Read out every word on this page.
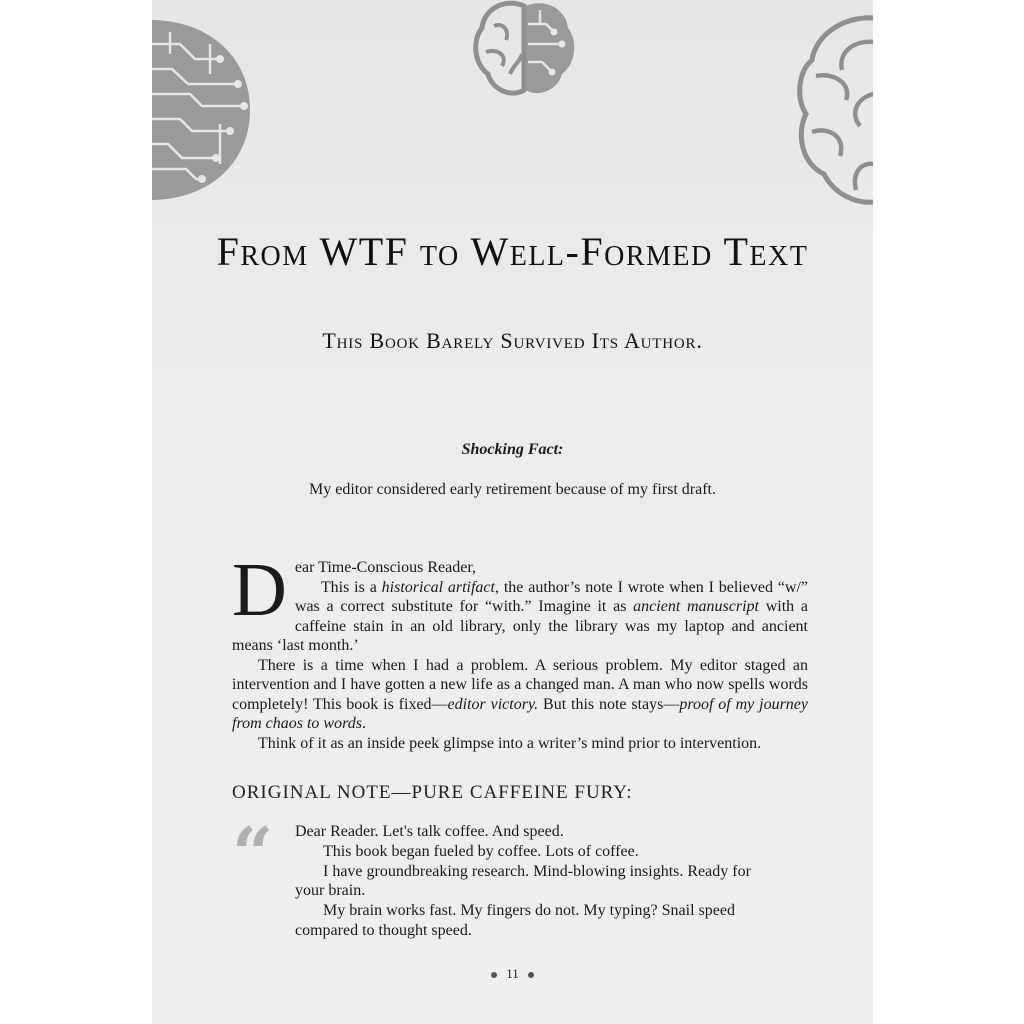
From WTF to Well-Formed Text
This Book Barely Survived Its Author.
Shocking Fact:
My editor considered early retirement because of my first draft.
D ear Time-Conscious Reader,

This is a historical artifact, the author’s note I wrote when I believed “w/” was a correct substitute for “with.” Imagine it as ancient manuscript with a caffeine stain in an old library, only the library was my laptop and ancient means ‘last month.’

There is a time when I had a problem. A serious problem. My editor staged an intervention and I have gotten a new life as a changed man. A man who now spells words completely! This book is fixed—editor victory. But this note stays—proof of my journey from chaos to words.

Think of it as an inside peek glimpse into a writer’s mind prior to intervention.

ORIGINAL NOTE—PURE CAFFEINE FURY:
“ Dear Reader. Let's talk coffee. And speed.

This book began fueled by coffee. Lots of coffee.

I have groundbreaking research. Mind-blowing insights. Ready for your brain.

My brain works fast. My fingers do not. My typing? Snail speed compared to thought speed.

11
